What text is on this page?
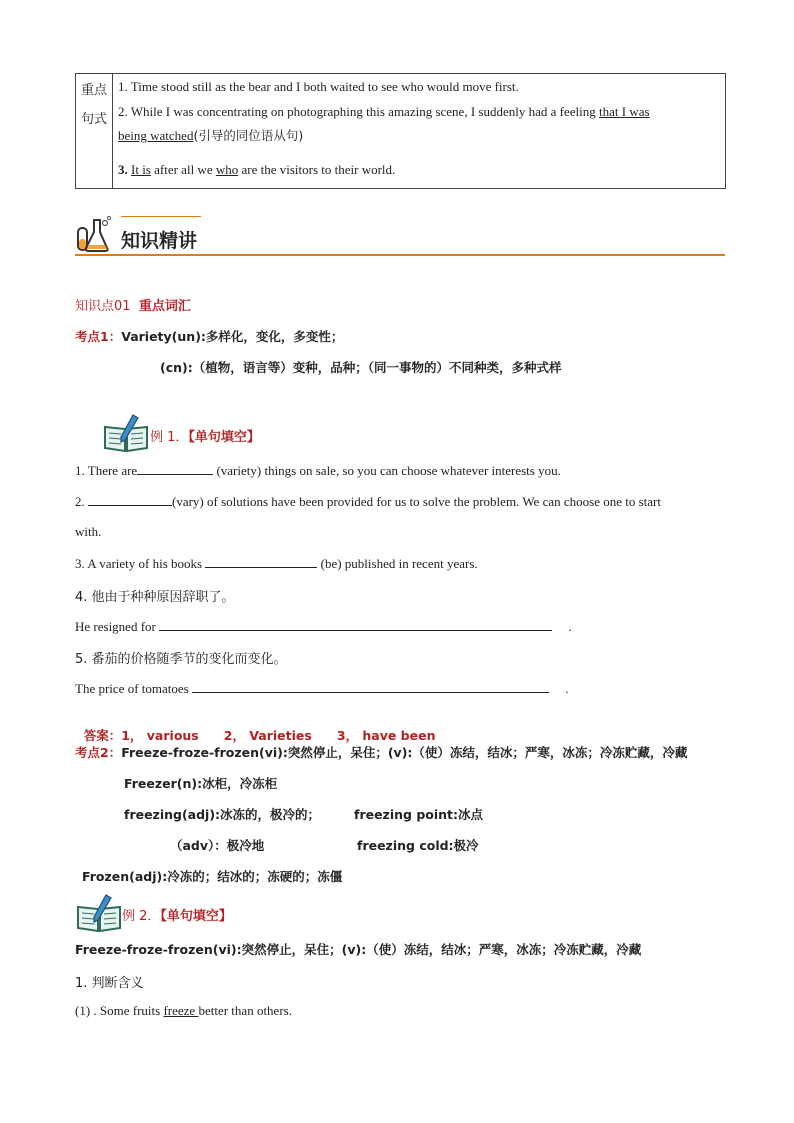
重点
句式

1. Time stood still as the bear and I both waited to see who would move first.
2. While I was concentrating on photographing this amazing scene, I suddenly had a feeling that I was
being watched(引导的同位语从句)
3. It is after all we who are the visitors to their world.
知识精讲
知识点01 重点词汇
考点1：Variety(un):多样化，变化，多变性；
(cn):（植物，语言等）变种，品种；（同一事物的）不同种类，多种式样
例 1．【单句填空】
1. There are	(variety) things on sale, so you can choose whatever interests you.
2.	(vary) of solutions have been provided for us to solve the problem. We can choose one to start
with.
3. A variety of his books	(be) published in recent years.
4. 他由于种种原因辞职了。
He resigned for	.
5. 番茄的价格随季节的变化而变化。
The price of tomatoes	.

答案：1， various　　2， Varieties　　3， have been

考点2：Freeze-froze-frozen(vi):突然停止，呆住；(v):（使）冻结，结冰；严寒，冰冻；冷冻贮藏，冷藏
Freezer(n):冰柜，冷冻柜
freezing(adj):冰冻的，极冷的；	freezing point:冰点
（adv）：极冷地	freezing cold:极冷
Frozen(adj):冷冻的；结冰的；冻硬的；冻僵
例 2．【单句填空】
Freeze-froze-frozen(vi):突然停止，呆住；(v):（使）冻结，结冰；严寒，冰冻；冷冻贮藏，冷藏
1. 判断含义
(1) . Some fruits freeze better than others.
